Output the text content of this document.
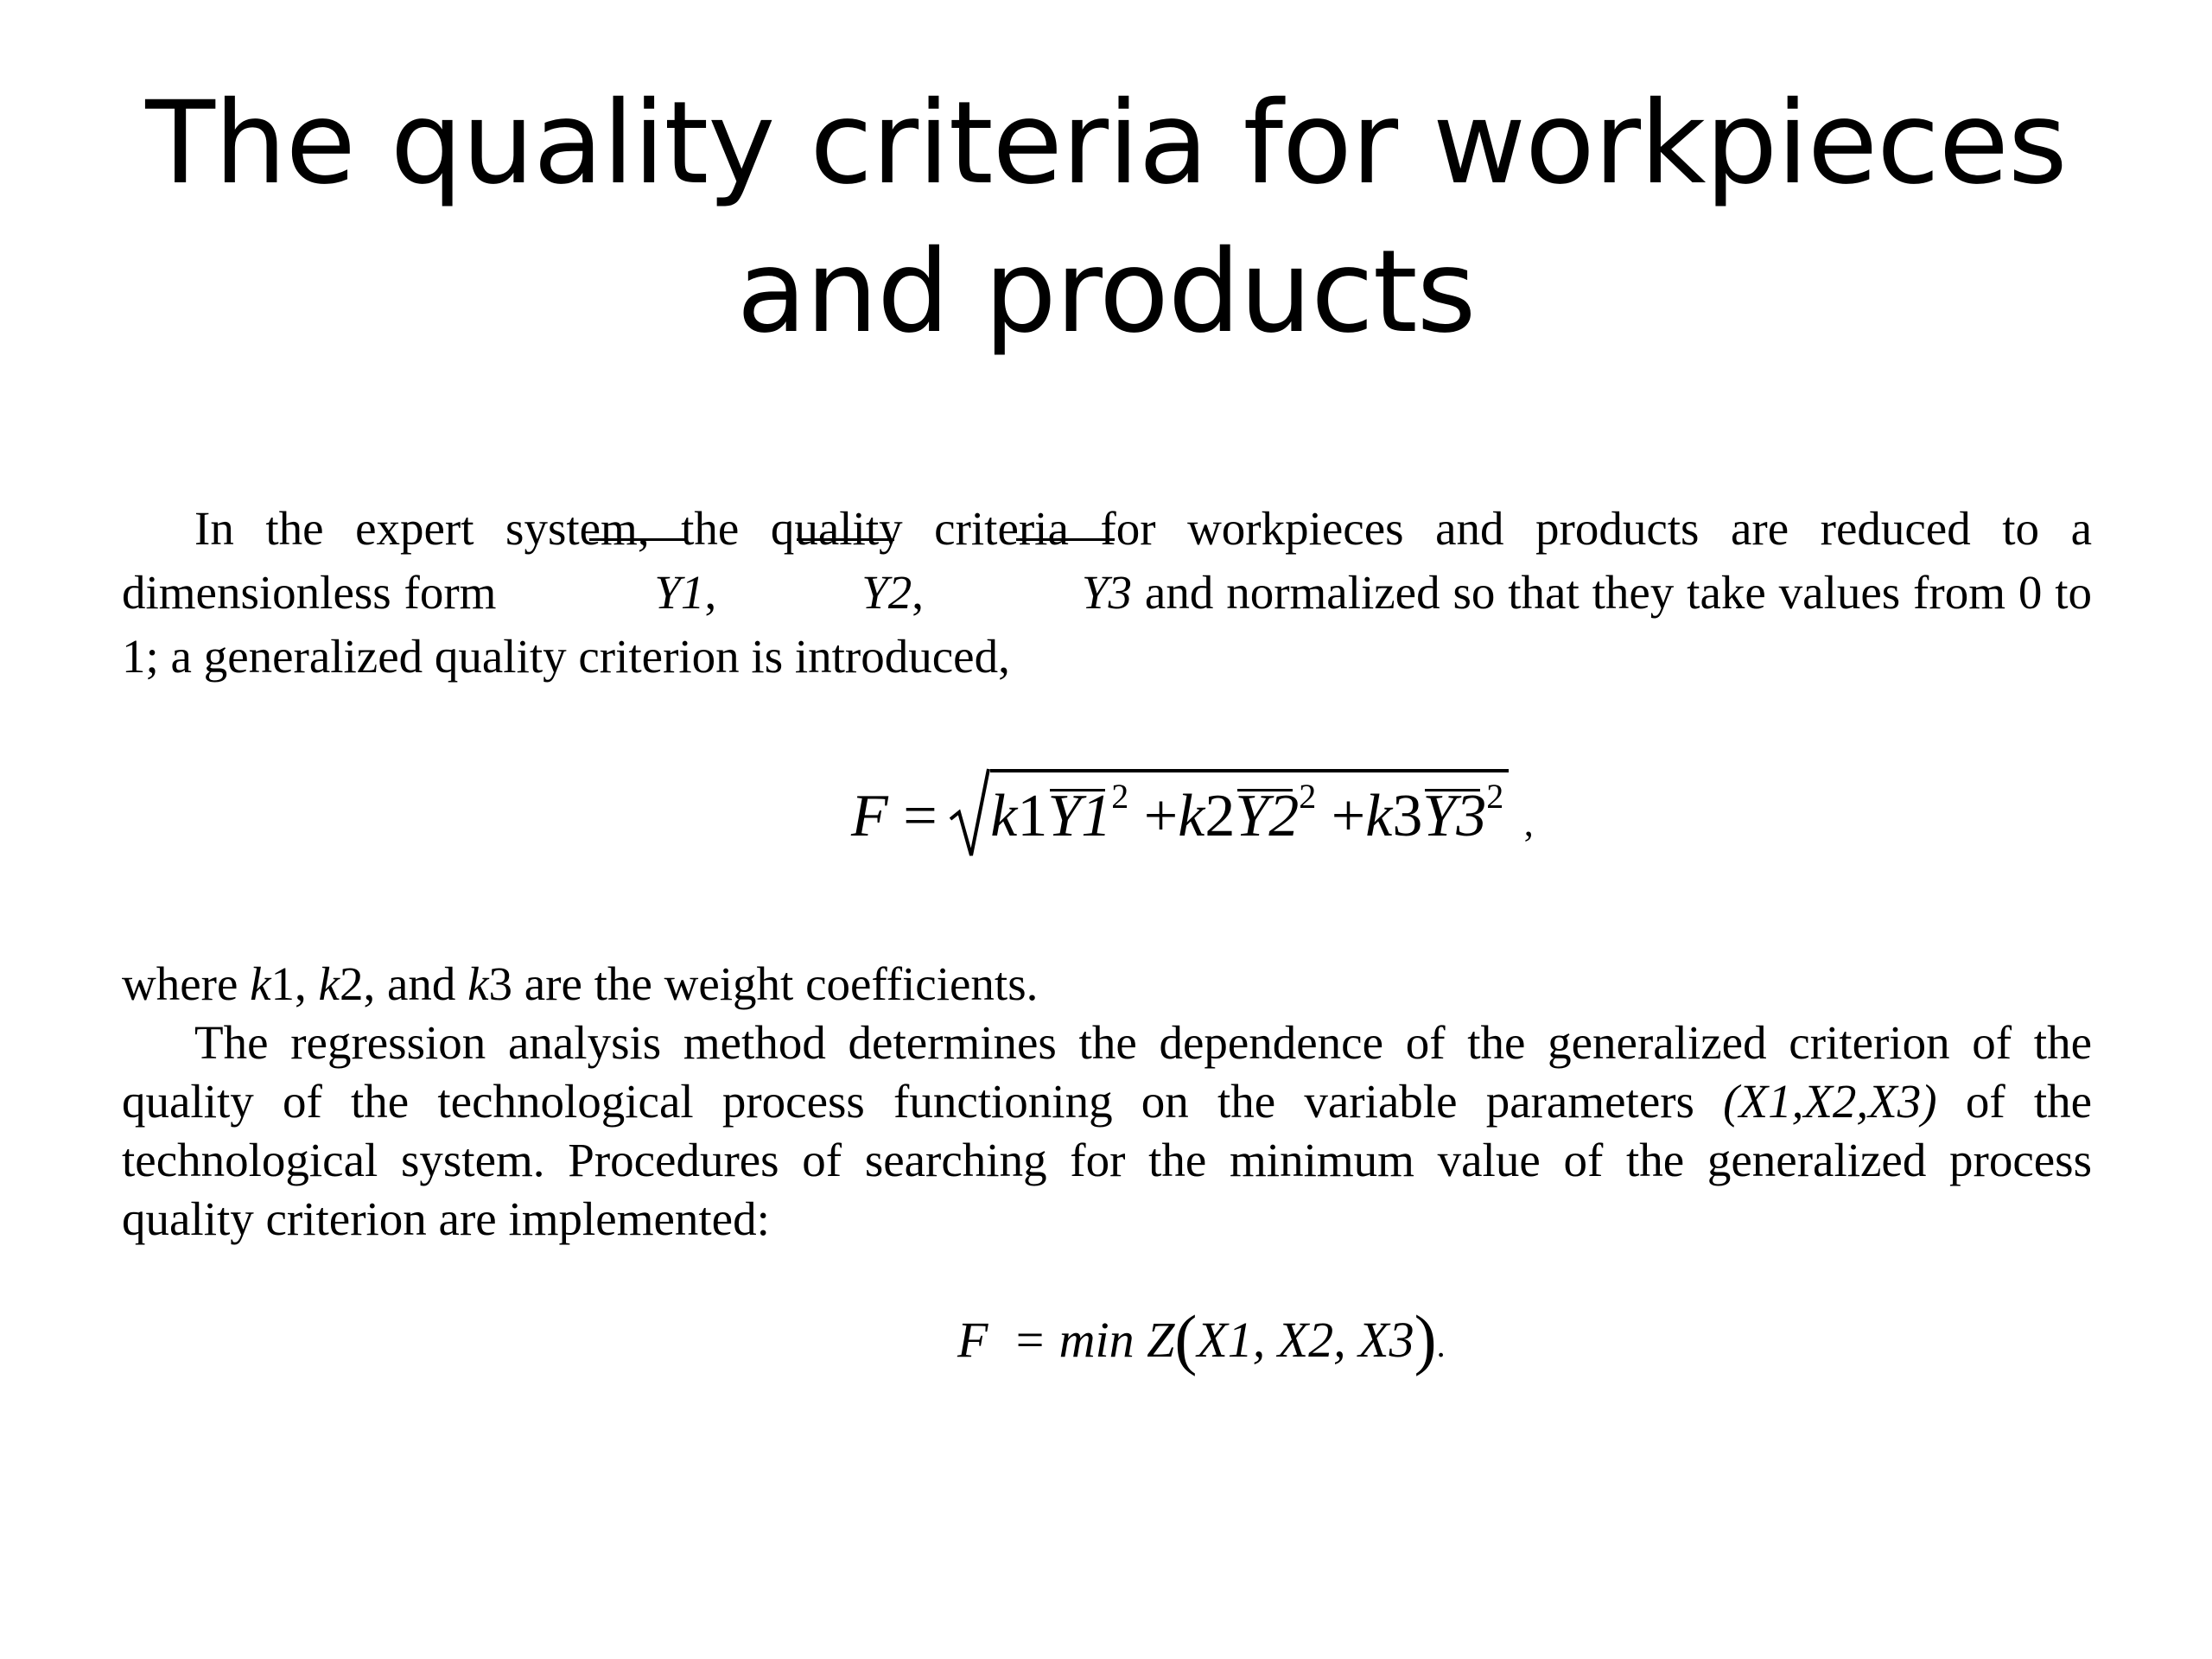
The quality criteria for workpieces and products

In the expert system, the quality criteria for workpieces and products are reduced to a dimensionless form	Y1,	Y2,	Y3 and normalized so that they take values from 0 to 1; a generalized quality criterion is introduced,

$F = k1Y1^2 +k2Y2^2 +k3Y3^2$ ,

where k1, k2, and k3 are the weight coefficients.

The regression analysis method determines the dependence of the generalized criterion of the quality of the technological process functioning on the variable parameters (X1,X2,X3) of the technological system. Procedures of searching for the minimum value of the generalized process quality criterion are implemented:

F = min Z(X1, X2, X3).
